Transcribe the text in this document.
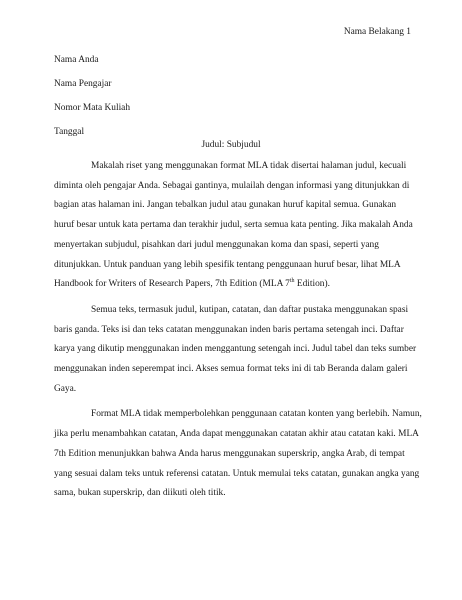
Nama Belakang 1
Nama Anda
Nama Pengajar
Nomor Mata Kuliah
Tanggal
Judul: Subjudul
Makalah riset yang menggunakan format MLA tidak disertai halaman judul, kecuali
diminta oleh pengajar Anda. Sebagai gantinya, mulailah dengan informasi yang ditunjukkan di
bagian atas halaman ini. Jangan tebalkan judul atau gunakan huruf kapital semua. Gunakan
huruf besar untuk kata pertama dan terakhir judul, serta semua kata penting. Jika makalah Anda
menyertakan subjudul, pisahkan dari judul menggunakan koma dan spasi, seperti yang
ditunjukkan. Untuk panduan yang lebih spesifik tentang penggunaan huruf besar, lihat MLA
Handbook for Writers of Research Papers, 7th Edition (MLA 7th Edition).
Semua teks, termasuk judul, kutipan, catatan, dan daftar pustaka menggunakan spasi
baris ganda. Teks isi dan teks catatan menggunakan inden baris pertama setengah inci. Daftar
karya yang dikutip menggunakan inden menggantung setengah inci. Judul tabel dan teks sumber
menggunakan inden seperempat inci. Akses semua format teks ini di tab Beranda dalam galeri
Gaya.
Format MLA tidak memperbolehkan penggunaan catatan konten yang berlebih. Namun,
jika perlu menambahkan catatan, Anda dapat menggunakan catatan akhir atau catatan kaki. MLA
7th Edition menunjukkan bahwa Anda harus menggunakan superskrip, angka Arab, di tempat
yang sesuai dalam teks untuk referensi catatan. Untuk memulai teks catatan, gunakan angka yang
sama, bukan superskrip, dan diikuti oleh titik.
